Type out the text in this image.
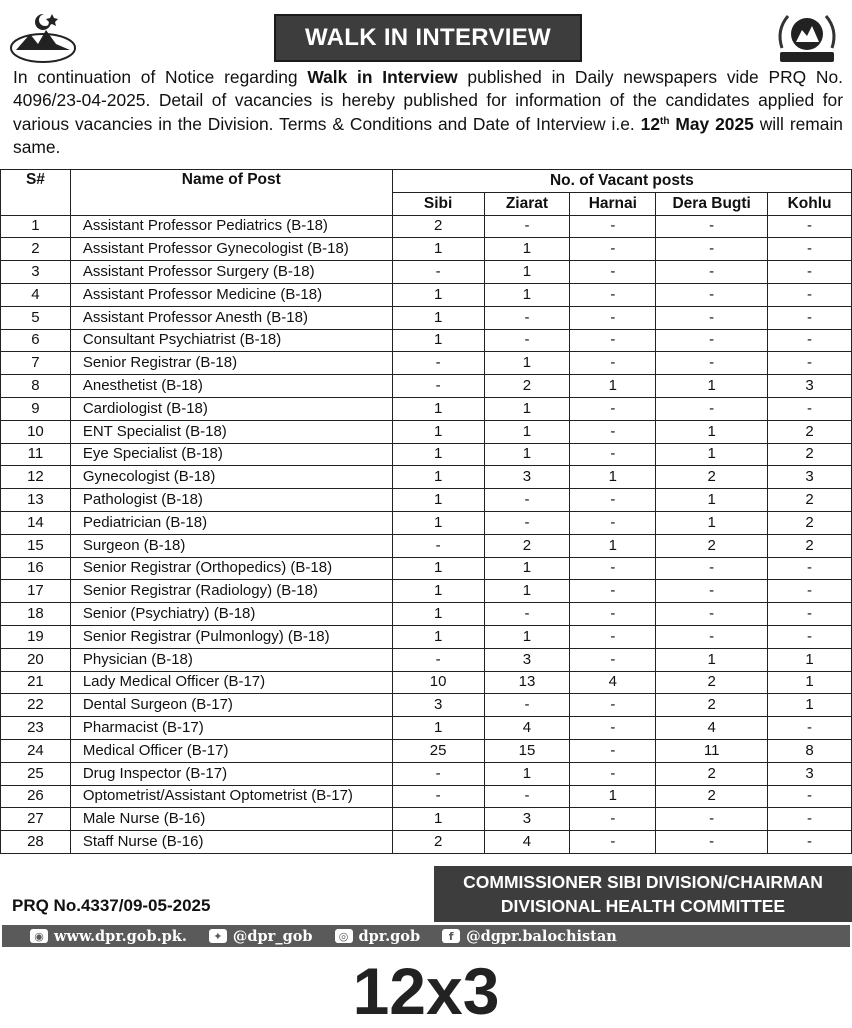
WALK IN INTERVIEW
In continuation of Notice regarding Walk in Interview published in Daily newspapers vide PRQ No. 4096/23-04-2025. Detail of vacancies is hereby published for information of the candidates applied for various vacancies in the Division. Terms & Conditions and Date of Interview i.e. 12th May 2025 will remain same.
S#	Name of Post	No. of Vacant posts				
		Sibi	Ziarat	Harnai	Dera Bugti	Kohlu
1	Assistant Professor Pediatrics (B-18)	2	-	-	-	-
2	Assistant Professor Gynecologist (B-18)	1	1	-	-	-
3	Assistant Professor Surgery (B-18)	-	1	-	-	-
4	Assistant Professor Medicine (B-18)	1	1	-	-	-
5	Assistant Professor Anesth (B-18)	1	-	-	-	-
6	Consultant Psychiatrist (B-18)	1	-	-	-	-
7	Senior Registrar (B-18)	-	1	-	-	-
8	Anesthetist (B-18)	-	2	1	1	3
9	Cardiologist (B-18)	1	1	-	-	-
10	ENT Specialist (B-18)	1	1	-	1	2
11	Eye Specialist (B-18)	1	1	-	1	2
12	Gynecologist (B-18)	1	3	1	2	3
13	Pathologist (B-18)	1	-	-	1	2
14	Pediatrician (B-18)	1	-	-	1	2
15	Surgeon (B-18)	-	2	1	2	2
16	Senior Registrar (Orthopedics) (B-18)	1	1	-	-	-
17	Senior Registrar (Radiology) (B-18)	1	1	-	-	-
18	Senior (Psychiatry) (B-18)	1	-	-	-	-
19	Senior Registrar (Pulmonlogy) (B-18)	1	1	-	-	-
20	Physician (B-18)	-	3	-	1	1
21	Lady Medical Officer (B-17)	10	13	4	2	1
22	Dental Surgeon (B-17)	3	-	-	2	1
23	Pharmacist (B-17)	1	4	-	4	-
24	Medical Officer (B-17)	25	15	-	11	8
25	Drug Inspector (B-17)	-	1	-	2	3
26	Optometrist/Assistant Optometrist (B-17)	-	-	1	2	-
27	Male Nurse (B-16)	1	3	-	-	-
28	Staff Nurse (B-16)	2	4	-	-	-
PRQ No.4337/09-05-2025
COMMISSIONER SIBI DIVISION/CHAIRMAN
DIVISIONAL HEALTH COMMITTEE
◉ www.dpr.gob.pk.	✦ @dpr_gob	◎ dpr.gob	f @dgpr.balochistan
12x3
